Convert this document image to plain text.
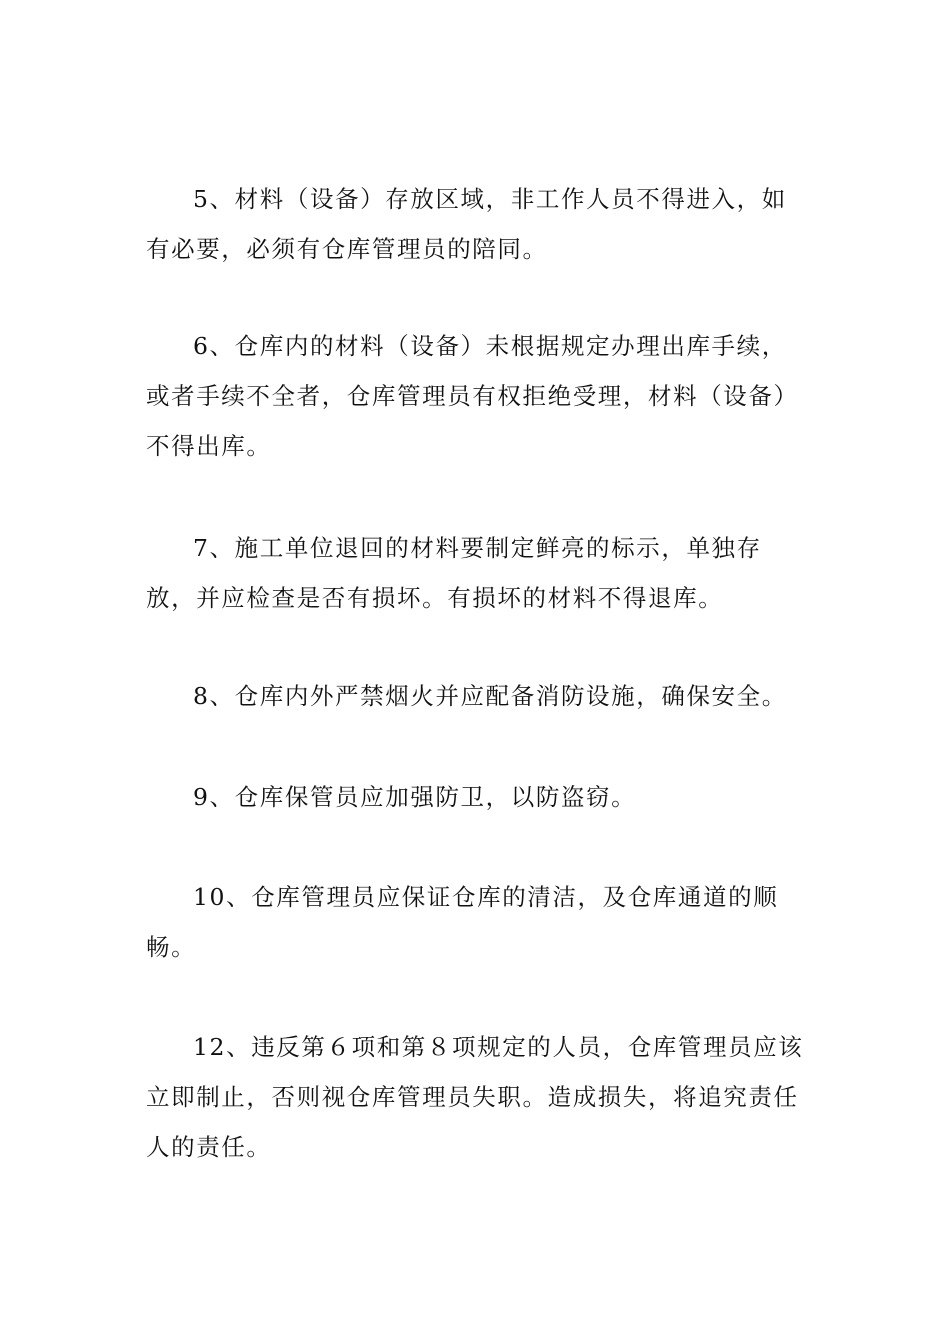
5、材料（设备）存放区域，非工作人员不得进入，如有必要，必须有仓库管理员的陪同。

6、仓库内的材料（设备）未根据规定办理出库手续，或者手续不全者，仓库管理员有权拒绝受理，材料（设备）不得出库。

7、施工单位退回的材料要制定鲜亮的标示，单独存放，并应检查是否有损坏。有损坏的材料不得退库。

8、仓库内外严禁烟火并应配备消防设施，确保安全。

9、仓库保管员应加强防卫，以防盗窃。

10、仓库管理员应保证仓库的清洁，及仓库通道的顺畅。

12、违反第６项和第８项规定的人员，仓库管理员应该立即制止，否则视仓库管理员失职。造成损失，将追究责任人的责任。
